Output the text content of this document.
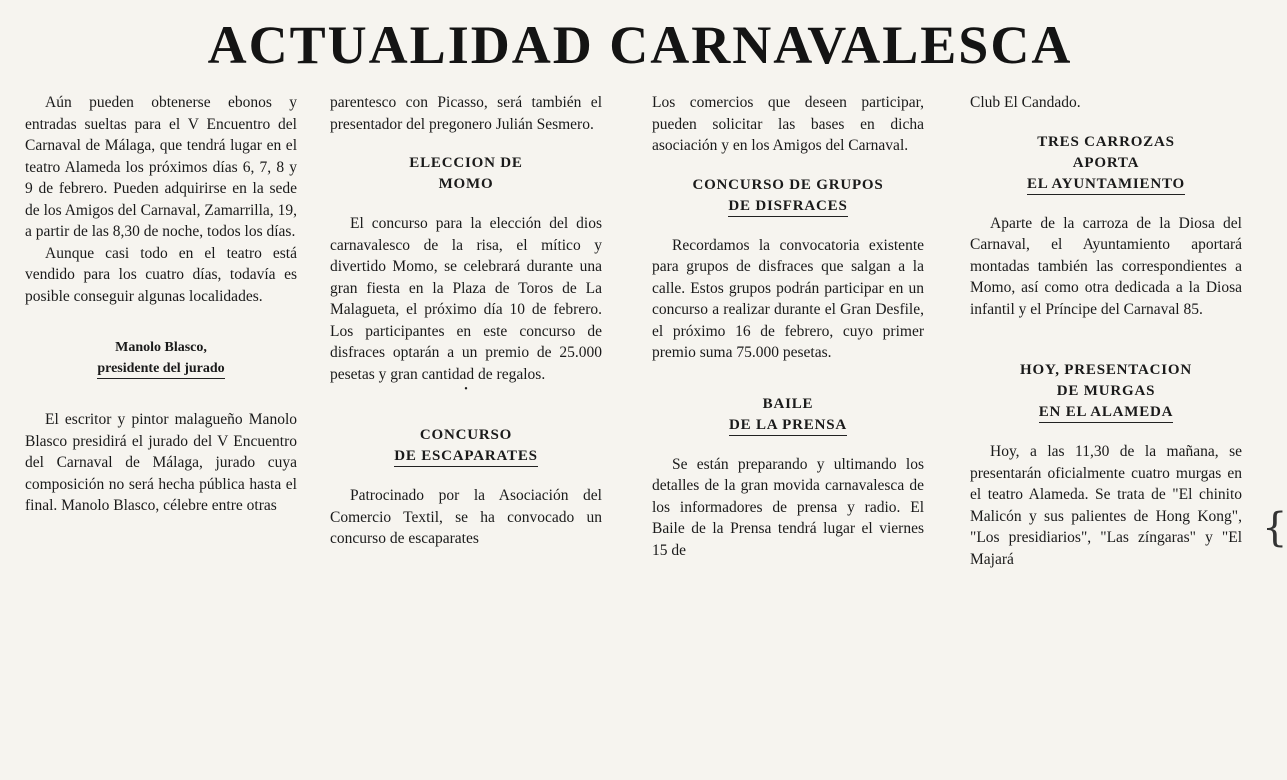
ACTUALIDAD CARNAVALESCA

Aún pueden obtenerse ebonos y entradas sueltas para el V Encuentro del Carnaval de Málaga, que tendrá lugar en el teatro Alameda los próximos días 6, 7, 8 y 9 de febrero. Pueden adquirirse en la sede de los Amigos del Carnaval, Zamarrilla, 19, a partir de las 8,30 de noche, todos los días.

Aunque casi todo en el teatro está vendido para los cuatro días, todavía es posible conseguir algunas localidades.

Manolo Blasco,
presidente del jurado

El escritor y pintor malagueño Manolo Blasco presidirá el jurado del V Encuentro del Carnaval de Málaga, jurado cuya composición no será hecha pública hasta el final. Manolo Blasco, célebre entre otras

parentesco con Picasso, será también el presentador del pregonero Julián Sesmero.

ELECCION DE
MOMO

El concurso para la elección del dios carnavalesco de la risa, el mítico y divertido Momo, se celebrará durante una gran fiesta en la Plaza de Toros de La Malagueta, el próximo día 10 de febrero. Los participantes en este concurso de disfraces optarán a un premio de 25.000 pesetas y gran cantidad de regalos.

•
CONCURSO
DE ESCAPARATES

Patrocinado por la Asociación del Comercio Textil, se ha convocado un concurso de escaparates

Los comercios que deseen participar, pueden solicitar las bases en dicha asociación y en los Amigos del Carnaval.

CONCURSO DE GRUPOS
DE DISFRACES

Recordamos la convocatoria existente para grupos de disfraces que salgan a la calle. Estos grupos podrán participar en un concurso a realizar durante el Gran Desfile, el próximo 16 de febrero, cuyo primer premio suma 75.000 pesetas.

BAILE
DE LA PRENSA

Se están preparando y ultimando los detalles de la gran movida carnavalesca de los informadores de prensa y radio. El Baile de la Prensa tendrá lugar el viernes 15 de

Club El Candado.

TRES CARROZAS
APORTA
EL AYUNTAMIENTO

Aparte de la carroza de la Diosa del Carnaval, el Ayuntamiento aportará montadas también las correspondientes a Momo, así como otra dedicada a la Diosa infantil y el Príncipe del Carnaval 85.

HOY, PRESENTACION
DE MURGAS
EN EL ALAMEDA

Hoy, a las 11,30 de la mañana, se presentarán oficialmente cuatro murgas en el teatro Alameda. Se trata de "El chinito Malicón y sus palientes de Hong Kong", "Los presidiarios", "Las zíngaras" y "El Majará

{
